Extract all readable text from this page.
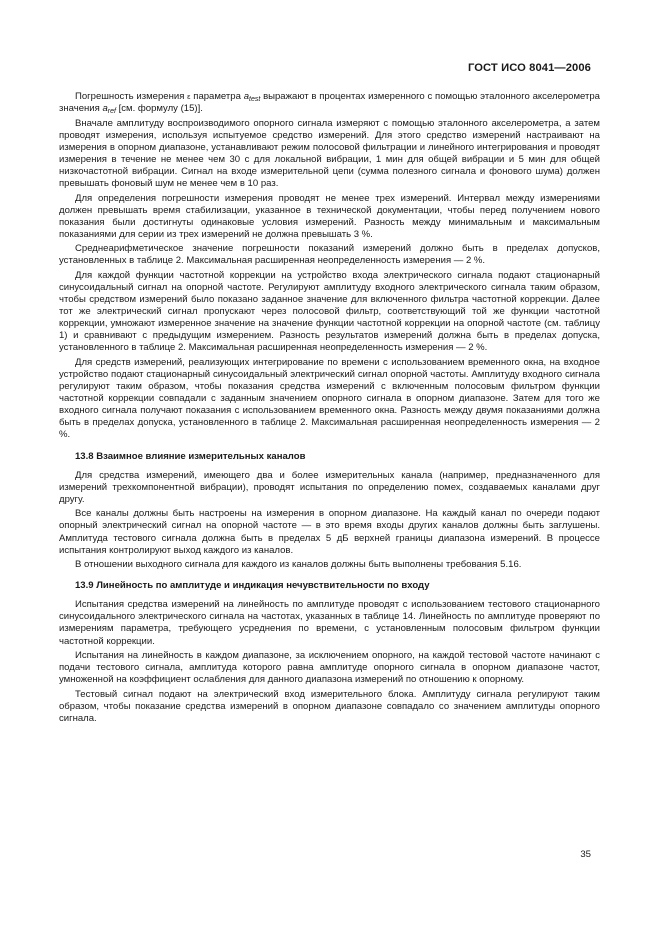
ГОСТ ИСО 8041—2006

Погрешность измерения ε параметра $a_{test}$ выражают в процентах измеренного с помощью эталонного акселерометра значения $a_{ref}$ [см. формулу (15)].

Вначале амплитуду воспроизводимого опорного сигнала измеряют с помощью эталонного акселерометра, а затем проводят измерения, используя испытуемое средство измерений. Для этого средство измерений настраивают на измерения в опорном диапазоне, устанавливают режим полосовой фильтрации и линейного интегрирования и проводят измерения в течение не менее чем 30 с для локальной вибрации, 1 мин для общей вибрации и 5 мин для общей низкочастотной вибрации. Сигнал на входе измерительной цепи (сумма полезного сигнала и фонового шума) должен превышать фоновый шум не менее чем в 10 раз.

Для определения погрешности измерения проводят не менее трех измерений. Интервал между измерениями должен превышать время стабилизации, указанное в технической документации, чтобы перед получением нового показания были достигнуты одинаковые условия измерений. Разность между минимальным и максимальным показаниями для серии из трех измерений не должна превышать 3 %.

Среднеарифметическое значение погрешности показаний измерений должно быть в пределах допусков, установленных в таблице 2. Максимальная расширенная неопределенность измерения — 2 %.

Для каждой функции частотной коррекции на устройство входа электрического сигнала подают стационарный синусоидальный сигнал на опорной частоте. Регулируют амплитуду входного электрического сигнала таким образом, чтобы средством измерений было показано заданное значение для включенного фильтра частотной коррекции. Далее тот же электрический сигнал пропускают через полосовой фильтр, соответствующий той же функции частотной коррекции, умножают измеренное значение на значение функции частотной коррекции на опорной частоте (см. таблицу 1) и сравнивают с предыдущим измерением. Разность результатов измерений должна быть в пределах допуска, установленного в таблице 2. Максимальная расширенная неопределенность измерения — 2 %.

Для средств измерений, реализующих интегрирование по времени с использованием временного окна, на входное устройство подают стационарный синусоидальный электрический сигнал опорной частоты. Амплитуду входного сигнала регулируют таким образом, чтобы показания средства измерений с включенным полосовым фильтром функции частотной коррекции совпадали с заданным значением опорного сигнала в опорном диапазоне. Затем для того же входного сигнала получают показания с использованием временного окна. Разность между двумя показаниями должна быть в пределах допуска, установленного в таблице 2. Максимальная расширенная неопределенность измерения — 2 %.

13.8 Взаимное влияние измерительных каналов

Для средства измерений, имеющего два и более измерительных канала (например, предназначенного для измерений трехкомпонентной вибрации), проводят испытания по определению помех, создаваемых каналами друг другу.

Все каналы должны быть настроены на измерения в опорном диапазоне. На каждый канал по очереди подают опорный электрический сигнал на опорной частоте — в это время входы других каналов должны быть заглушены. Амплитуда тестового сигнала должна быть в пределах 5 дБ верхней границы диапазона измерений. В процессе испытания контролируют выход каждого из каналов.

В отношении выходного сигнала для каждого из каналов должны быть выполнены требования 5.16.

13.9 Линейность по амплитуде и индикация нечувствительности по входу

Испытания средства измерений на линейность по амплитуде проводят с использованием тестового стационарного синусоидального электрического сигнала на частотах, указанных в таблице 14. Линейность по амплитуде проверяют по измерениям параметра, требующего усреднения по времени, с установленным полосовым фильтром функции частотной коррекции.

Испытания на линейность в каждом диапазоне, за исключением опорного, на каждой тестовой частоте начинают с подачи тестового сигнала, амплитуда которого равна амплитуде опорного сигнала в опорном диапазоне частот, умноженной на коэффициент ослабления для данного диапазона измерений по отношению к опорному.

Тестовый сигнал подают на электрический вход измерительного блока. Амплитуду сигнала регулируют таким образом, чтобы показание средства измерений в опорном диапазоне совпадало со значением амплитуды опорного сигнала.

35
